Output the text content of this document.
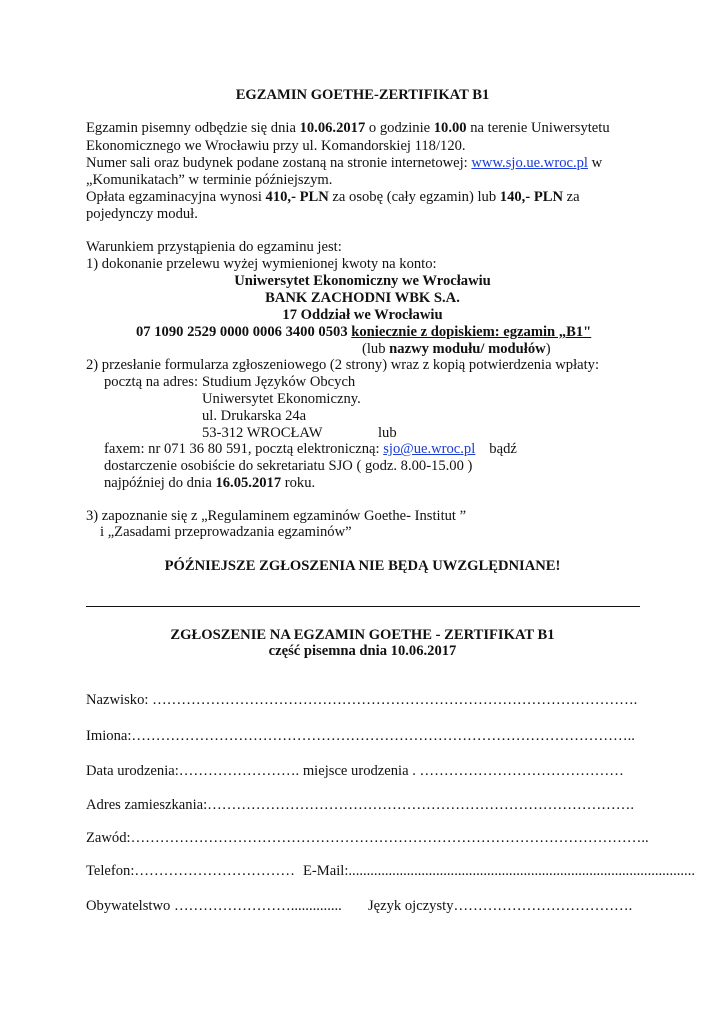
EGZAMIN GOETHE-ZERTIFIKAT B1
Egzamin pisemny odbędzie się dnia 10.06.2017 o godzinie 10.00 na terenie Uniwersytetu
Ekonomicznego we Wrocławiu przy ul. Komandorskiej 118/120.
Numer sali oraz budynek podane zostaną na stronie internetowej: www.sjo.ue.wroc.pl w
„Komunikatach” w terminie późniejszym.
Opłata egzaminacyjna wynosi 410,- PLN za osobę (cały egzamin) lub 140,- PLN za
pojedynczy moduł.
Warunkiem przystąpienia do egzaminu jest:
1) dokonanie przelewu wyżej wymienionej kwoty na konto:
Uniwersytet Ekonomiczny we Wrocławiu
BANK ZACHODNI WBK S.A.
17 Oddział we Wrocławiu
07 1090 2529 0000 0006 3400 0503 koniecznie z dopiskiem: egzamin „B1"
(lub nazwy modułu/ modułów)
2) przesłanie formularza zgłoszeniowego (2 strony) wraz z kopią potwierdzenia wpłaty:
pocztą na adres: Studium Języków Obcych
Uniwersytet Ekonomiczny.
ul. Drukarska 24a
53-312 WROCŁAW	lub
faxem: nr 071 36 80 591, pocztą elektroniczną: sjo@ue.wroc.pl bądź
dostarczenie osobiście do sekretariatu SJO ( godz. 8.00-15.00 )
najpóźniej do dnia 16.05.2017 roku.
3) zapoznanie się z „Regulaminem egzaminów Goethe- Institut ”
i „Zasadami przeprowadzania egzaminów”
PÓŹNIEJSZE ZGŁOSZENIA NIE BĘDĄ UWZGLĘDNIANE!
ZGŁOSZENIE NA EGZAMIN GOETHE - ZERTIFIKAT B1
część pisemna dnia 10.06.2017
Nazwisko: ……………………………………………………………………………………….
Imiona:…………………………………………………………………………………………..
Data urodzenia:……………………. miejsce urodzenia . ……………………………………
Adres zamieszkania:…………………………………………………………………………….
Zawód:……………………………………………………………………………………………..
Telefon:…………………………… E-Mail:...............................................................................................
Obywatelstwo …………………….............. Język ojczysty……………………………….
